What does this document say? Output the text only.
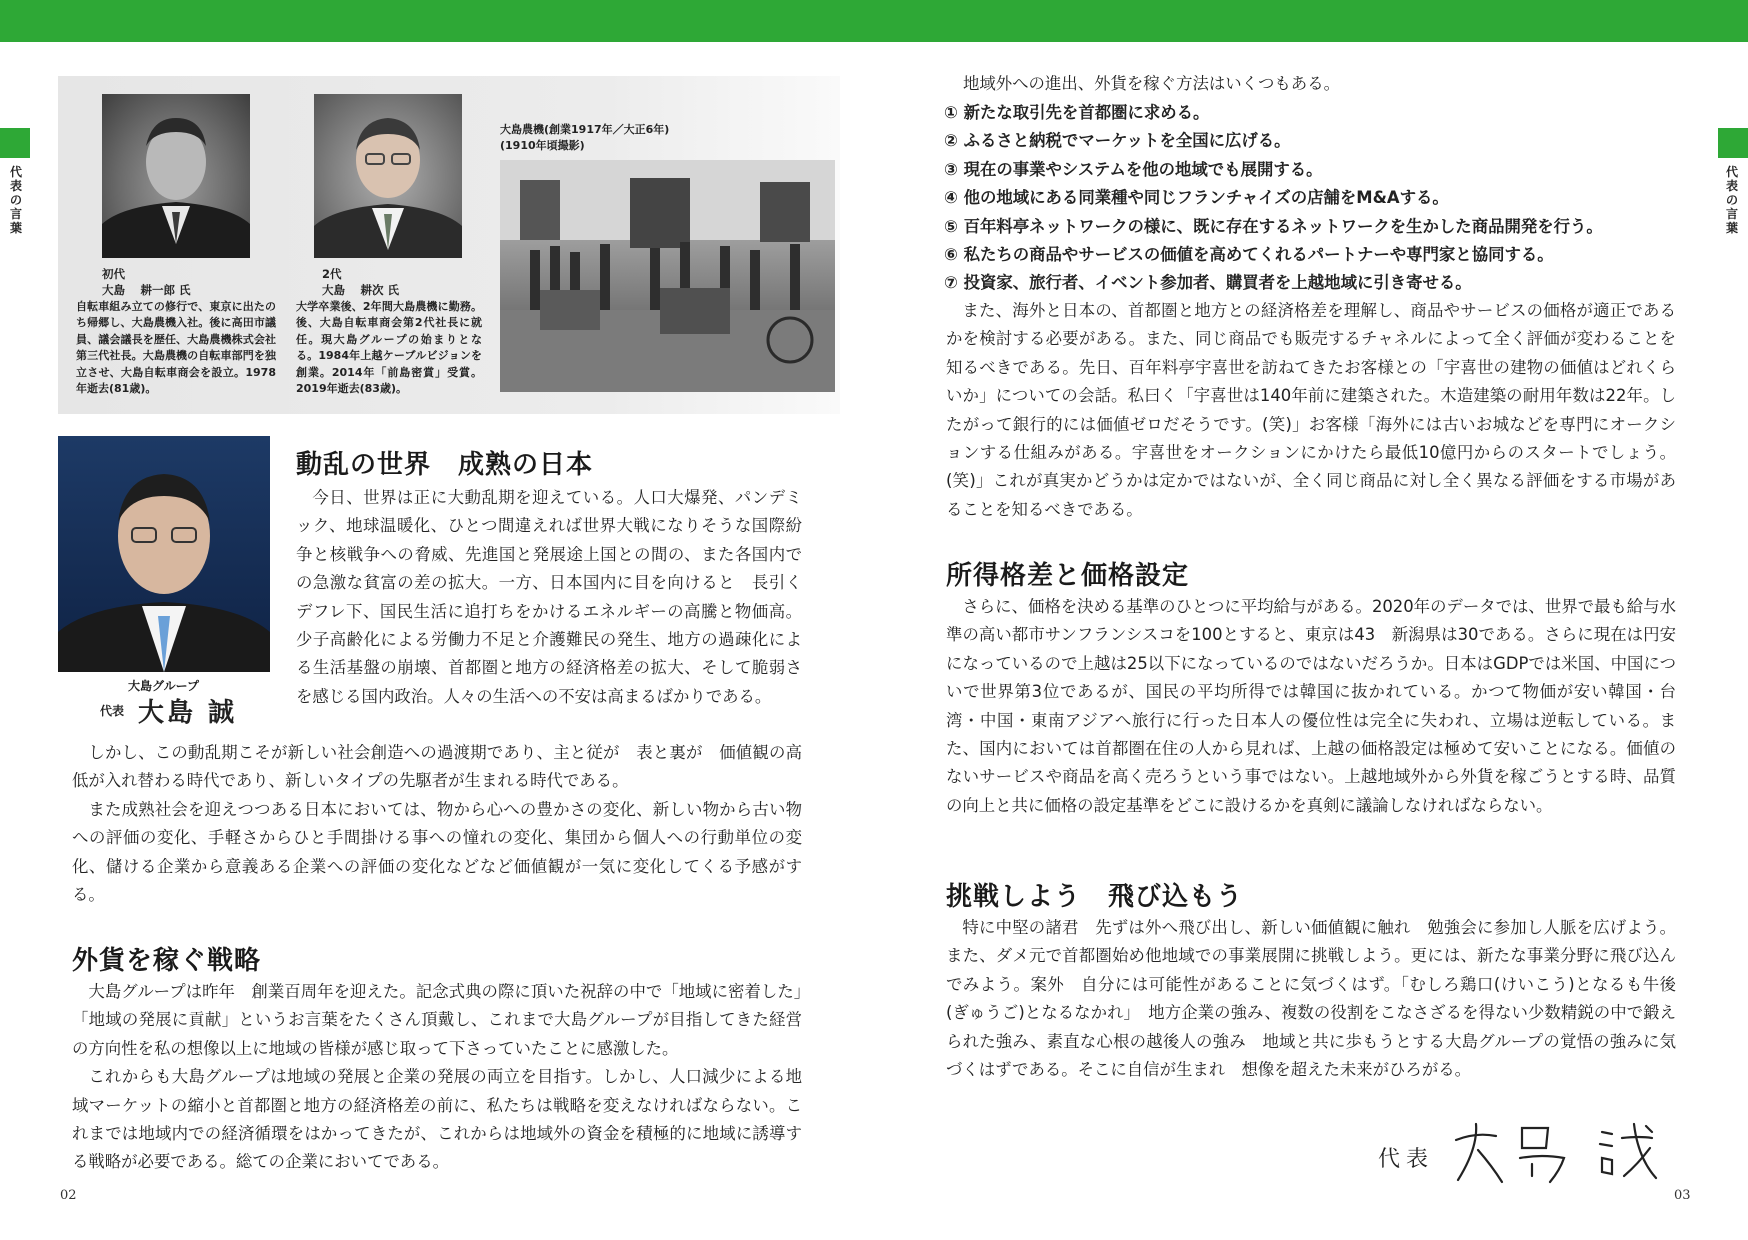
代表の言葉
代表の言葉
初代
大島 　耕一郎 氏
自転車組み立ての修行で、東京に出たのち帰郷し、大島農機入社。後に高田市議員、議会議長を歴任、大島農機株式会社 第三代社長。大島農機の自転車部門を独立させ、大島自転車商会を設立。1978年逝去(81歳)。
2代
大島 　耕次 氏
大学卒業後、2年間大島農機に勤務。後、大島自転車商会第2代社長に就任。現大島グループの始まりとなる。1984年上越ケーブルビジョンを創業。2014年「前島密賞」受賞。2019年逝去(83歳)。
大島農機(創業1917年／大正6年)
(1910年頃撮影)
大島グループ
代表 大島 誠
動乱の世界　成熟の日本

今日、世界は正に大動乱期を迎えている。人口大爆発、パンデミック、地球温暖化、ひとつ間違えれば世界大戦になりそうな国際紛争と核戦争への脅威、先進国と発展途上国との間の、また各国内での急激な貧富の差の拡大。一方、日本国内に目を向けると　長引くデフレ下、国民生活に追打ちをかけるエネルギーの高騰と物価高。少子高齢化による労働力不足と介護難民の発生、地方の過疎化による生活基盤の崩壊、首都圏と地方の経済格差の拡大、そして脆弱さを感じる国内政治。人々の生活への不安は高まるばかりである。

しかし、この動乱期こそが新しい社会創造への過渡期であり、主と従が　表と裏が　価値観の高低が入れ替わる時代であり、新しいタイプの先駆者が生まれる時代である。

また成熟社会を迎えつつある日本においては、物から心への豊かさの変化、新しい物から古い物への評価の変化、手軽さからひと手間掛ける事への憧れの変化、集団から個人への行動単位の変化、儲ける企業から意義ある企業への評価の変化などなど価値観が一気に変化してくる予感がする。

外貨を稼ぐ戦略

大島グループは昨年　創業百周年を迎えた。記念式典の際に頂いた祝辞の中で「地域に密着した」「地域の発展に貢献」というお言葉をたくさん頂戴し、これまで大島グループが目指してきた経営の方向性を私の想像以上に地域の皆様が感じ取って下さっていたことに感激した。

これからも大島グループは地域の発展と企業の発展の両立を目指す。しかし、人口減少による地域マーケットの縮小と首都圏と地方の経済格差の前に、私たちは戦略を変えなければならない。これまでは地域内での経済循環をはかってきたが、これからは地域外の資金を積極的に地域に誘導する戦略が必要である。総ての企業においてである。

02
地域外への進出、外貨を稼ぐ方法はいくつもある。
① 新たな取引先を首都圏に求める。
② ふるさと納税でマーケットを全国に広げる。
③ 現在の事業やシステムを他の地域でも展開する。
④ 他の地域にある同業種や同じフランチャイズの店舗をM&Aする。
⑤ 百年料亭ネットワークの様に、既に存在するネットワークを生かした商品開発を行う。
⑥ 私たちの商品やサービスの価値を高めてくれるパートナーや専門家と協同する。
⑦ 投資家、旅行者、イベント参加者、購買者を上越地域に引き寄せる。

また、海外と日本の、首都圏と地方との経済格差を理解し、商品やサービスの価格が適正であるかを検討する必要がある。また、同じ商品でも販売するチャネルによって全く評価が変わることを知るべきである。先日、百年料亭宇喜世を訪ねてきたお客様との「宇喜世の建物の価値はどれくらいか」についての会話。私曰く「宇喜世は140年前に建築された。木造建築の耐用年数は22年。したがって銀行的には価値ゼロだそうです。(笑)」お客様「海外には古いお城などを専門にオークションする仕組みがある。宇喜世をオークションにかけたら最低10億円からのスタートでしょう。(笑)」これが真実かどうかは定かではないが、全く同じ商品に対し全く異なる評価をする市場があることを知るべきである。

所得格差と価格設定

さらに、価格を決める基準のひとつに平均給与がある。2020年のデータでは、世界で最も給与水準の高い都市サンフランシスコを100とすると、東京は43　新潟県は30である。さらに現在は円安になっているので上越は25以下になっているのではないだろうか。日本はGDPでは米国、中国についで世界第3位であるが、国民の平均所得では韓国に抜かれている。かつて物価が安い韓国・台湾・中国・東南アジアへ旅行に行った日本人の優位性は完全に失われ、立場は逆転している。また、国内においては首都圏在住の人から見れば、上越の価格設定は極めて安いことになる。価値のないサービスや商品を高く売ろうという事ではない。上越地域外から外貨を稼ごうとする時、品質の向上と共に価格の設定基準をどこに設けるかを真剣に議論しなければならない。

挑戦しよう　飛び込もう

特に中堅の諸君　先ずは外へ飛び出し、新しい価値観に触れ　勉強会に参加し人脈を広げよう。また、ダメ元で首都圏始め他地域での事業展開に挑戦しよう。更には、新たな事業分野に飛び込んでみよう。案外　自分には可能性があることに気づくはず。「むしろ鶏口(けいこう)となるも牛後(ぎゅうご)となるなかれ」　地方企業の強み、複数の役割をこなさざるを得ない少数精鋭の中で鍛えられた強み、素直な心根の越後人の強み　地域と共に歩もうとする大島グループの覚悟の強みに気づくはずである。そこに自信が生まれ　想像を超えた未来がひろがる。

代表
03
